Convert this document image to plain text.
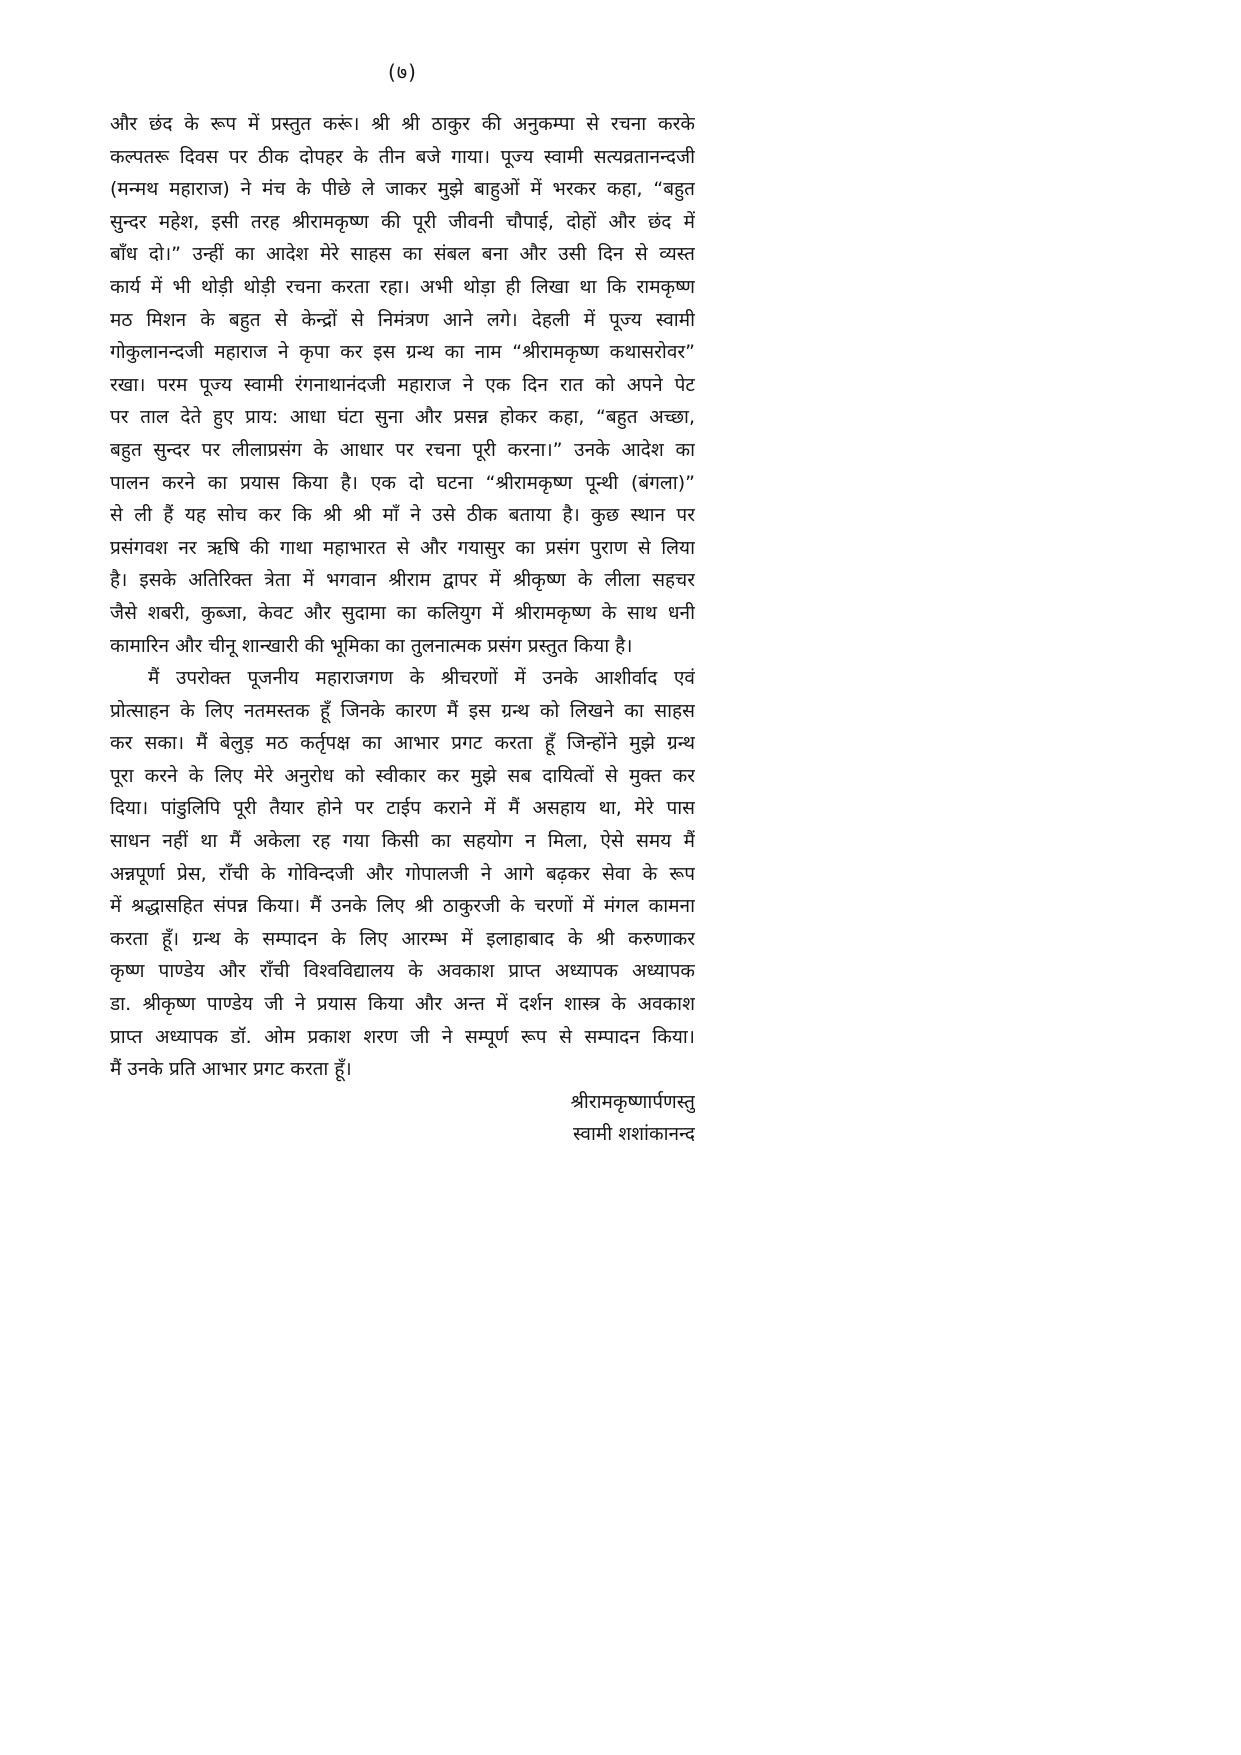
(७)
और छंद के रूप में प्रस्तुत करूं। श्री श्री ठाकुर की अनुकम्पा से रचना करके
कल्पतरू दिवस पर ठीक दोपहर के तीन बजे गाया। पूज्य स्वामी सत्यव्रतानन्दजी
(मन्मथ महाराज) ने मंच के पीछे ले जाकर मुझे बाहुओं में भरकर कहा, “बहुत
सुन्दर महेश, इसी तरह श्रीरामकृष्ण की पूरी जीवनी चौपाई, दोहों और छंद में
बाँध दो।” उन्हीं का आदेश मेरे साहस का संबल बना और उसी दिन से व्यस्त
कार्य में भी थोड़ी थोड़ी रचना करता रहा। अभी थोड़ा ही लिखा था कि रामकृष्ण
मठ मिशन के बहुत से केन्द्रों से निमंत्रण आने लगे। देहली में पूज्य स्वामी
गोकुलानन्दजी महाराज ने कृपा कर इस ग्रन्थ का नाम “श्रीरामकृष्ण कथासरोवर”
रखा। परम पूज्य स्वामी रंगनाथानंदजी महाराज ने एक दिन रात को अपने पेट
पर ताल देते हुए प्राय: आधा घंटा सुना और प्रसन्न होकर कहा, “बहुत अच्छा,
बहुत सुन्दर पर लीलाप्रसंग के आधार पर रचना पूरी करना।” उनके आदेश का
पालन करने का प्रयास किया है। एक दो घटना “श्रीरामकृष्ण पून्थी (बंगला)”
से ली हैं यह सोच कर कि श्री श्री माँ ने उसे ठीक बताया है। कुछ स्थान पर
प्रसंगवश नर ऋषि की गाथा महाभारत से और गयासुर का प्रसंग पुराण से लिया
है। इसके अतिरिक्त त्रेता में भगवान श्रीराम द्वापर में श्रीकृष्ण के लीला सहचर
जैसे शबरी, कुब्जा, केवट और सुदामा का कलियुग में श्रीरामकृष्ण के साथ धनी
कामारिन और चीनू शान्खारी की भूमिका का तुलनात्मक प्रसंग प्रस्तुत किया है।
मैं उपरोक्त पूजनीय महाराजगण के श्रीचरणों में उनके आशीर्वाद एवं
प्रोत्साहन के लिए नतमस्तक हूँ जिनके कारण मैं इस ग्रन्थ को लिखने का साहस
कर सका। मैं बेलुड़ मठ कर्तृपक्ष का आभार प्रगट करता हूँ जिन्होंने मुझे ग्रन्थ
पूरा करने के लिए मेरे अनुरोध को स्वीकार कर मुझे सब दायित्वों से मुक्त कर
दिया। पांडुलिपि पूरी तैयार होने पर टाईप कराने में मैं असहाय था, मेरे पास
साधन नहीं था मैं अकेला रह गया किसी का सहयोग न मिला, ऐसे समय मैं
अन्नपूर्णा प्रेस, राँची के गोविन्दजी और गोपालजी ने आगे बढ़कर सेवा के रूप
में श्रद्धासहित संपन्न किया। मैं उनके लिए श्री ठाकुरजी के चरणों में मंगल कामना
करता हूँ। ग्रन्थ के सम्पादन के लिए आरम्भ में इलाहाबाद के श्री करुणाकर
कृष्ण पाण्डेय और राँची विश्वविद्यालय के अवकाश प्राप्त अध्यापक अध्यापक
डा. श्रीकृष्ण पाण्डेय जी ने प्रयास किया और अन्त में दर्शन शास्त्र के अवकाश
प्राप्त अध्यापक डॉ. ओम प्रकाश शरण जी ने सम्पूर्ण रूप से सम्पादन किया।
मैं उनके प्रति आभार प्रगट करता हूँ।
श्रीरामकृष्णार्पणस्तु
स्वामी शशांकानन्द
